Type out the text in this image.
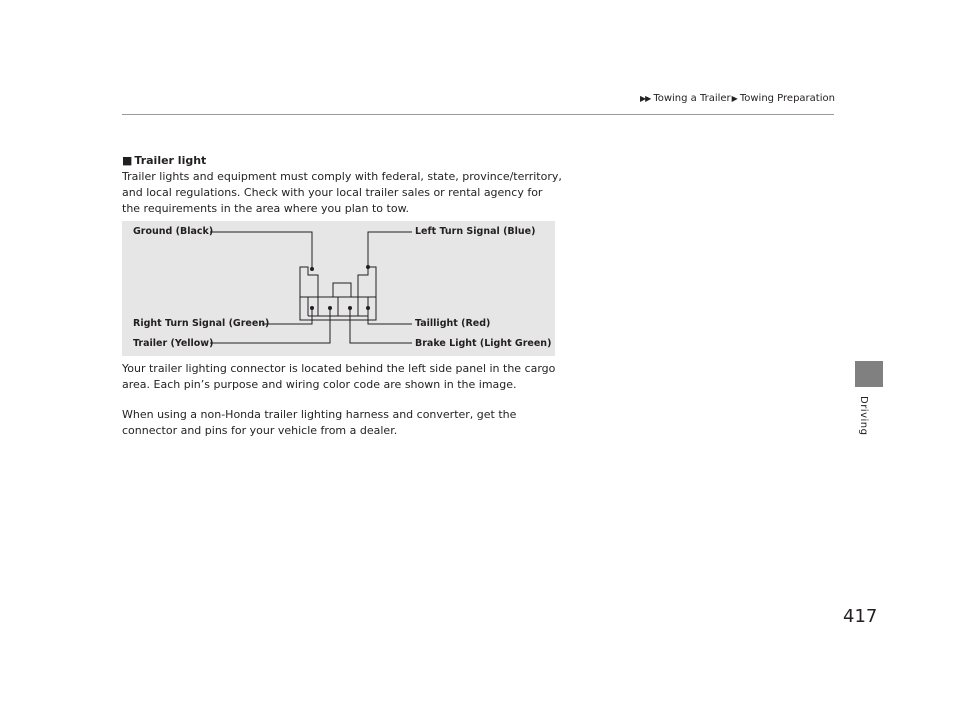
▶▶ Towing a Trailer▶ Towing Preparation
Driving
■ Trailer light
Trailer lights and equipment must comply with federal, state, province/territory, and local regulations. Check with your local trailer sales or rental agency for the requirements in the area where you plan to tow.
Ground (Black)	Left Turn Signal (Blue)
Right Turn Signal (Green)	Taillight (Red)
Trailer (Yellow)	Brake Light (Light Green)
Your trailer lighting connector is located behind the left side panel in the cargo area. Each pin’s purpose and wiring color code are shown in the image.
When using a non-Honda trailer lighting harness and converter, get the connector and pins for your vehicle from a dealer.
417
